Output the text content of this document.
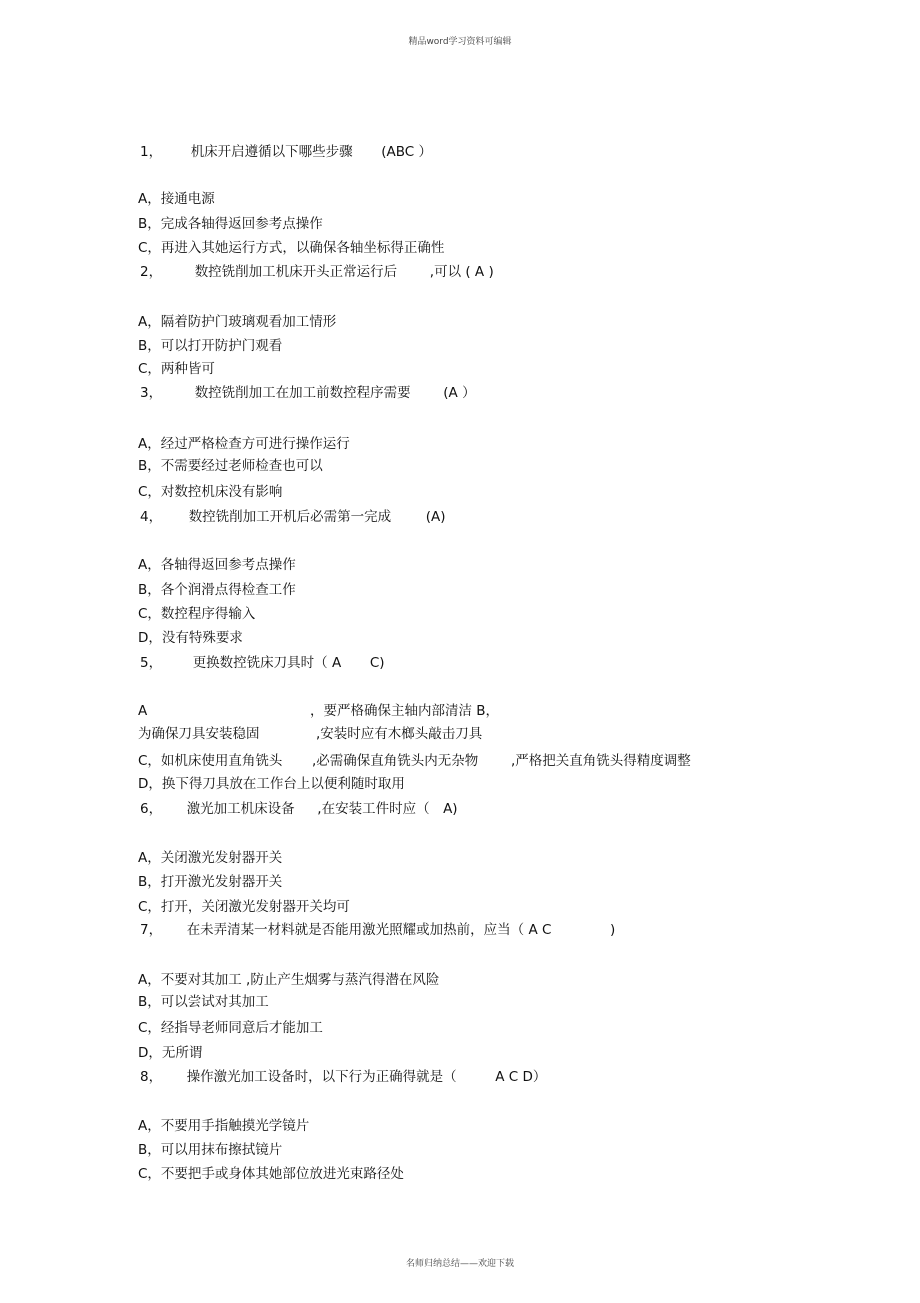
精品word学习资料可编辑
1， 机床开启遵循以下哪些步骤 (ABC ）
A，接通电源
B，完成各轴得返回参考点操作
C，再进入其她运行方式，以确保各轴坐标得正确性
2， 数控铣削加工机床开头正常运行后 ,可以 ( A )
A，隔着防护门玻璃观看加工情形
B，可以打开防护门观看
C，两种皆可
3， 数控铣削加工在加工前数控程序需要 (A ）
A，经过严格检查方可进行操作运行
B，不需要经过老师检查也可以
C，对数控机床没有影响
4， 数控铣削加工开机后必需第一完成	(A)
A，各轴得返回参考点操作
B，各个润滑点得检查工作
C，数控程序得输入
D，没有特殊要求
5， 更换数控铣床刀具时（ A C)
A	，要严格确保主轴内部清洁 B，
为确保刀具安装稳固	,安装时应有木榔头敲击刀具
C，如机床使用直角铣头 ,必需确保直角铣头内无杂物 ,严格把关直角铣头得精度调整
D，换下得刀具放在工作台上以便利随时取用
6， 激光加工机床设备 ,在安装工件时应（　A)
A，关闭激光发射器开关
B，打开激光发射器开关
C，打开，关闭激光发射器开关均可
7， 在未弄清某一材料就是否能用激光照耀或加热前，应当（ A C	)
A，不要对其加工 ,防止产生烟雾与蒸汽得潜在风险
B，可以尝试对其加工
C，经指导老师同意后才能加工
D，无所谓
8， 操作激光加工设备时，以下行为正确得就是（	A C D）
A，不要用手指触摸光学镜片
B，可以用抹布擦拭镜片
C，不要把手或身体其她部位放进光束路径处
名师归纳总结——欢迎下载
